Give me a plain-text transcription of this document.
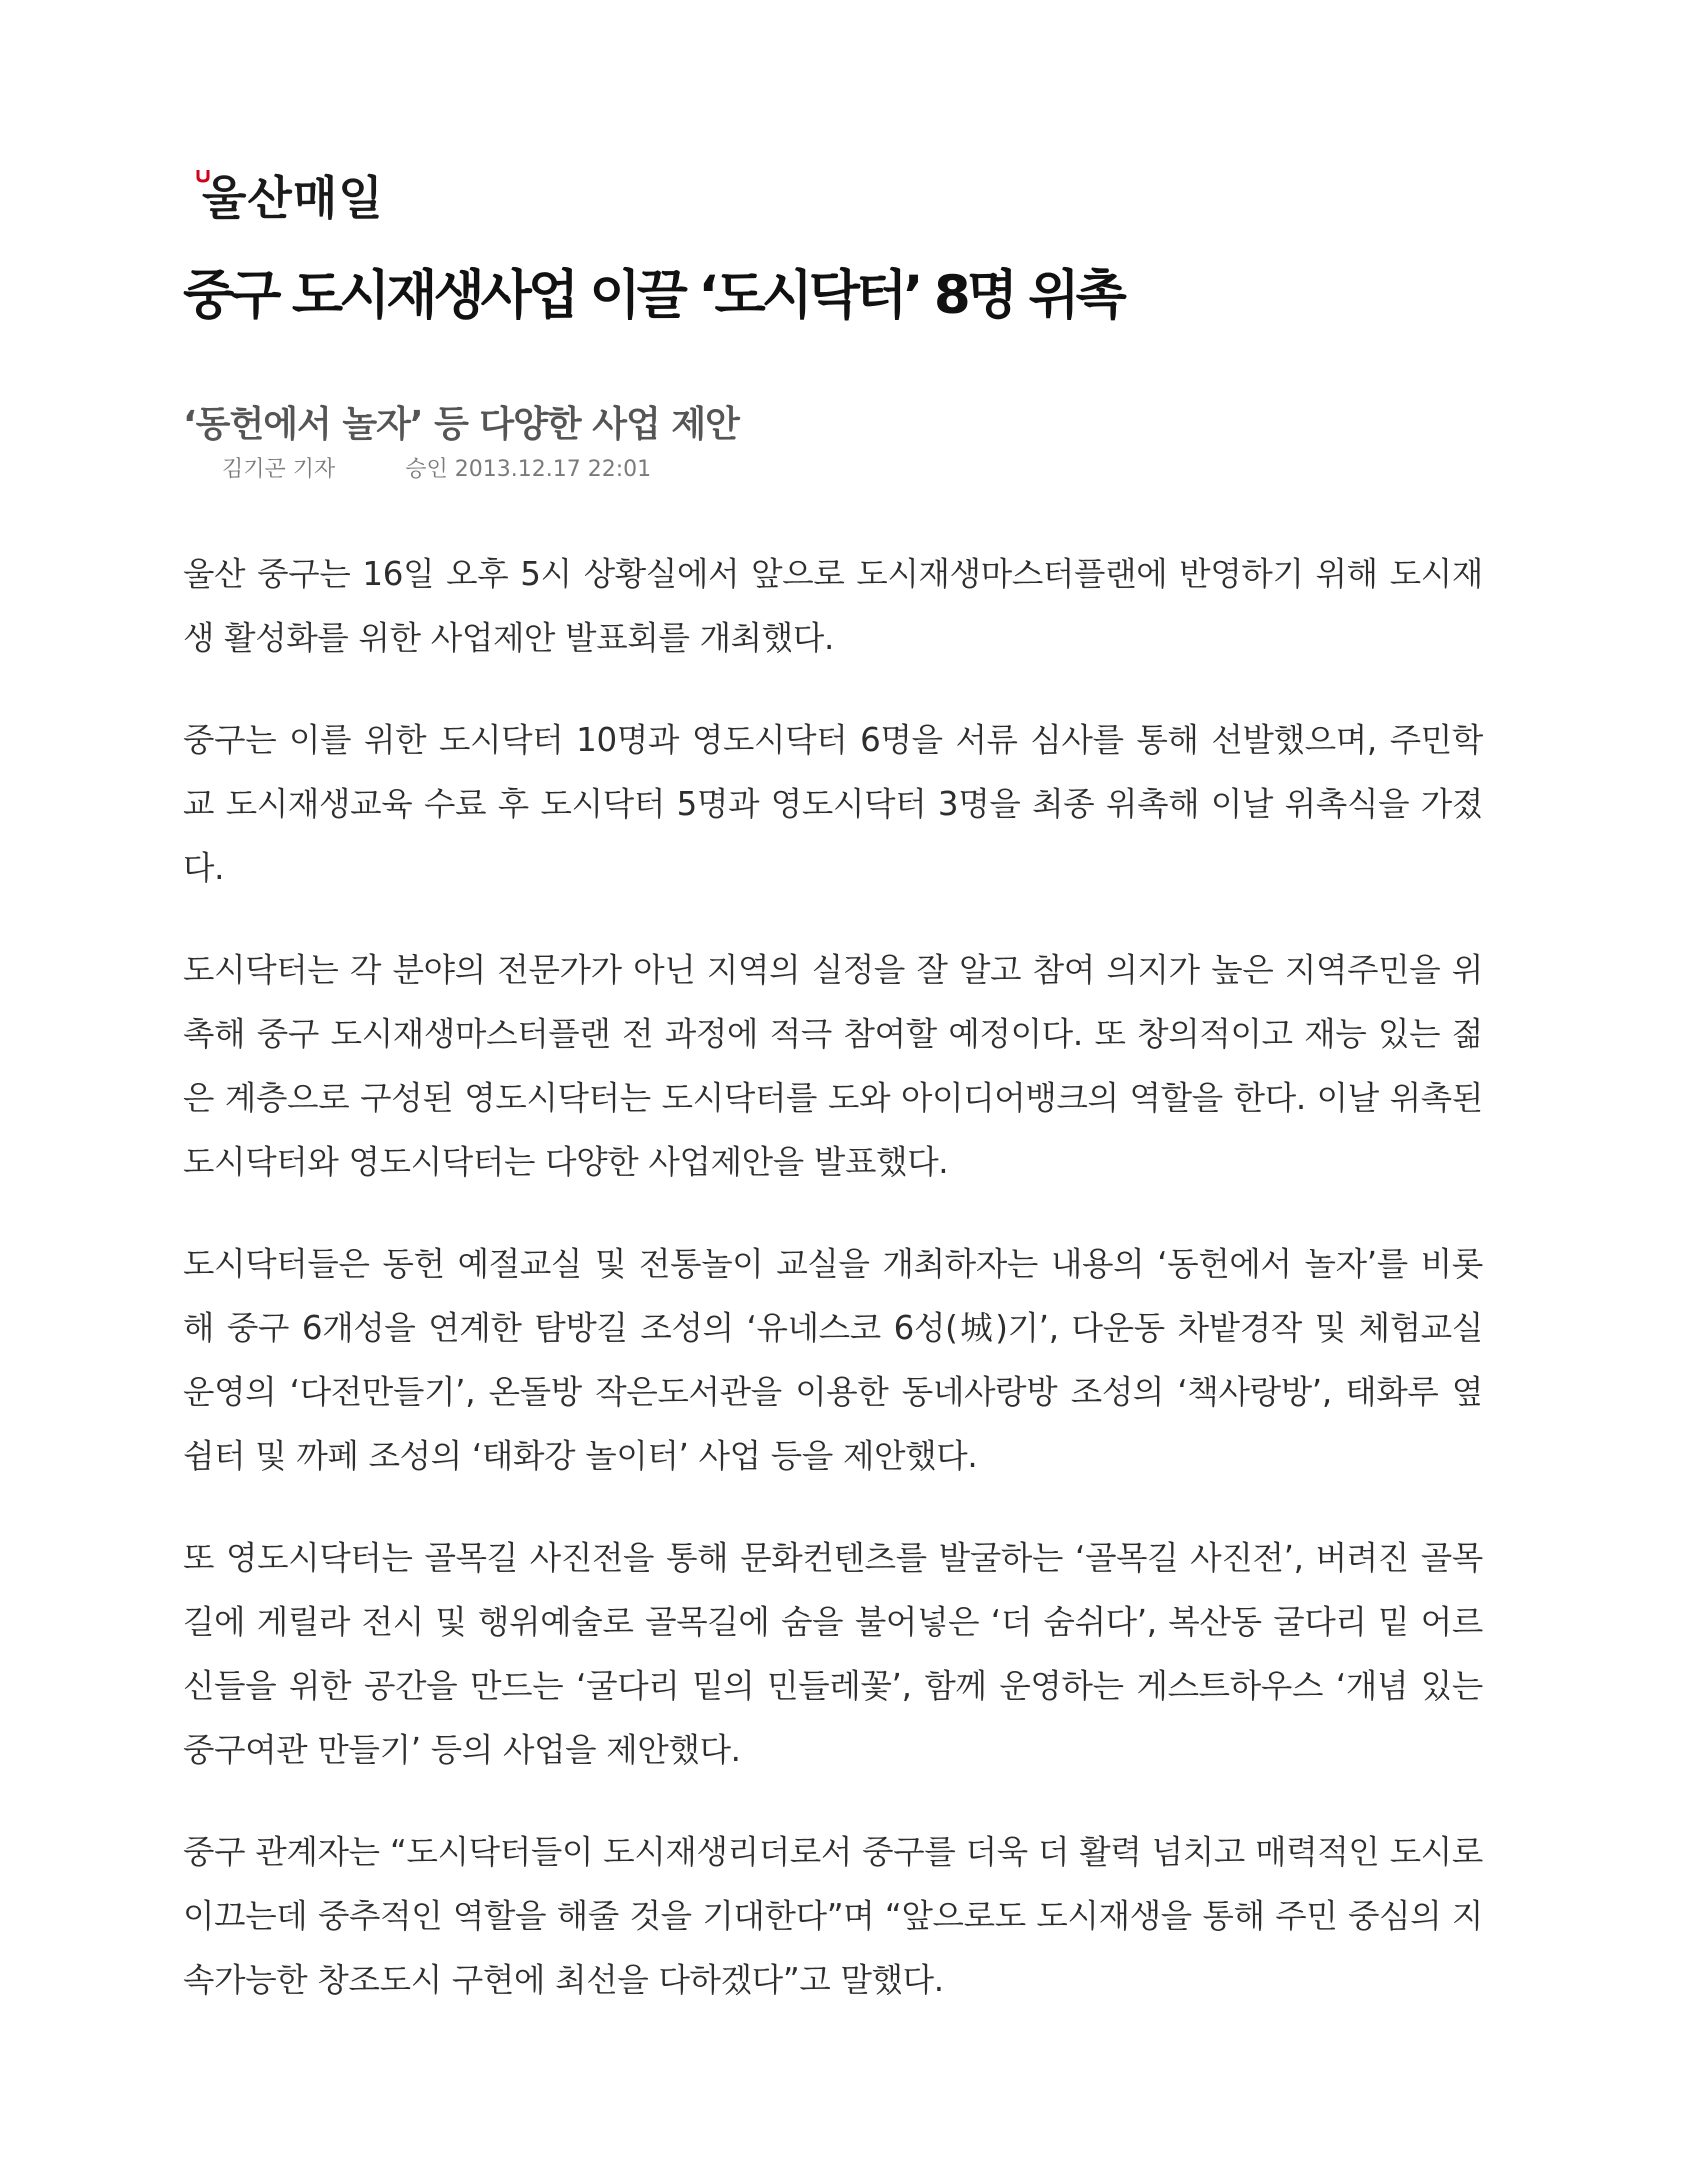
울산매일
중구 도시재생사업 이끌 ‘도시닥터’ 8명 위촉
‘동헌에서 놀자’ 등 다양한 사업 제안
김기곤 기자	승인 2013.12.17 22:01

울산 중구는 16일 오후 5시 상황실에서 앞으로 도시재생마스터플랜에 반영하기 위해 도시재생 활성화를 위한 사업제안 발표회를 개최했다.

중구는 이를 위한 도시닥터 10명과 영도시닥터 6명을 서류 심사를 통해 선발했으며, 주민학교 도시재생교육 수료 후 도시닥터 5명과 영도시닥터 3명을 최종 위촉해 이날 위촉식을 가졌다.

도시닥터는 각 분야의 전문가가 아닌 지역의 실정을 잘 알고 참여 의지가 높은 지역주민을 위촉해 중구 도시재생마스터플랜 전 과정에 적극 참여할 예정이다. 또 창의적이고 재능 있는 젊은 계층으로 구성된 영도시닥터는 도시닥터를 도와 아이디어뱅크의 역할을 한다. 이날 위촉된 도시닥터와 영도시닥터는 다양한 사업제안을 발표했다.

도시닥터들은 동헌 예절교실 및 전통놀이 교실을 개최하자는 내용의 ‘동헌에서 놀자’를 비롯해 중구 6개성을 연계한 탐방길 조성의 ‘유네스코 6성(城)기’, 다운동 차밭경작 및 체험교실 운영의 ‘다전만들기’, 온돌방 작은도서관을 이용한 동네사랑방 조성의 ‘책사랑방’, 태화루 옆 쉼터 및 까페 조성의 ‘태화강 놀이터’ 사업 등을 제안했다.

또 영도시닥터는 골목길 사진전을 통해 문화컨텐츠를 발굴하는 ‘골목길 사진전’, 버려진 골목길에 게릴라 전시 및 행위예술로 골목길에 숨을 불어넣은 ‘더 숨쉬다’, 복산동 굴다리 밑 어르신들을 위한 공간을 만드는 ‘굴다리 밑의 민들레꽃’, 함께 운영하는 게스트하우스 ‘개념 있는 중구여관 만들기’ 등의 사업을 제안했다.

중구 관계자는 “도시닥터들이 도시재생리더로서 중구를 더욱 더 활력 넘치고 매력적인 도시로 이끄는데 중추적인 역할을 해줄 것을 기대한다”며 “앞으로도 도시재생을 통해 주민 중심의 지속가능한 창조도시 구현에 최선을 다하겠다”고 말했다.
